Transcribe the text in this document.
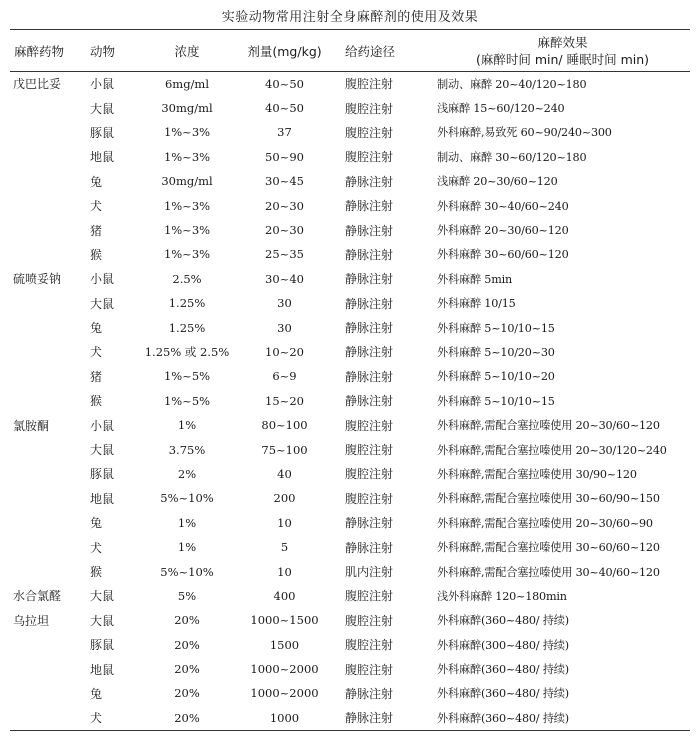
实验动物常用注射全身麻醉剂的使用及效果
麻醉药物	动物	浓度	剂量(mg/kg)	给药途径	麻醉效果
(麻醉时间 min/ 睡眠时间 min)

戊巴比妥	小鼠	6mg/ml	40~50	腹腔注射	制动、麻醉 20~40/120~180
	大鼠	30mg/ml	40~50	腹腔注射	浅麻醉 15~60/120~240
	豚鼠	1%~3%	37	腹腔注射	外科麻醉,易致死 60~90/240~300
	地鼠	1%~3%	50~90	腹腔注射	制动、麻醉 30~60/120~180
	兔	30mg/ml	30~45	静脉注射	浅麻醉 20~30/60~120
	犬	1%~3%	20~30	静脉注射	外科麻醉 30~40/60~240
	猪	1%~3%	20~30	静脉注射	外科麻醉 20~30/60~120
	猴	1%~3%	25~35	静脉注射	外科麻醉 30~60/60~120
硫喷妥钠	小鼠	2.5%	30~40	静脉注射	外科麻醉 5min
	大鼠	1.25%	30	静脉注射	外科麻醉 10/15
	兔	1.25%	30	静脉注射	外科麻醉 5~10/10~15
	犬	1.25% 或 2.5%	10~20	静脉注射	外科麻醉 5~10/20~30
	猪	1%~5%	6~9	静脉注射	外科麻醉 5~10/10~20
	猴	1%~5%	15~20	静脉注射	外科麻醉 5~10/10~15
氯胺酮	小鼠	1%	80~100	腹腔注射	外科麻醉,需配合塞拉嗪使用 20~30/60~120
	大鼠	3.75%	75~100	腹腔注射	外科麻醉,需配合塞拉嗪使用 20~30/120~240
	豚鼠	2%	40	腹腔注射	外科麻醉,需配合塞拉嗪使用 30/90~120
	地鼠	5%~10%	200	腹腔注射	外科麻醉,需配合塞拉嗪使用 30~60/90~150
	兔	1%	10	静脉注射	外科麻醉,需配合塞拉嗪使用 20~30/60~90
	犬	1%	5	静脉注射	外科麻醉,需配合塞拉嗪使用 30~60/60~120
	猴	5%~10%	10	肌内注射	外科麻醉,需配合塞拉嗪使用 30~40/60~120
水合氯醛	大鼠	5%	400	腹腔注射	浅外科麻醉 120~180min
乌拉坦	大鼠	20%	1000~1500	腹腔注射	外科麻醉(360~480/ 持续)
	豚鼠	20%	1500	腹腔注射	外科麻醉(300~480/ 持续)
	地鼠	20%	1000~2000	腹腔注射	外科麻醉(360~480/ 持续)
	兔	20%	1000~2000	静脉注射	外科麻醉(360~480/ 持续)
	犬	20%	1000	静脉注射	外科麻醉(360~480/ 持续)
